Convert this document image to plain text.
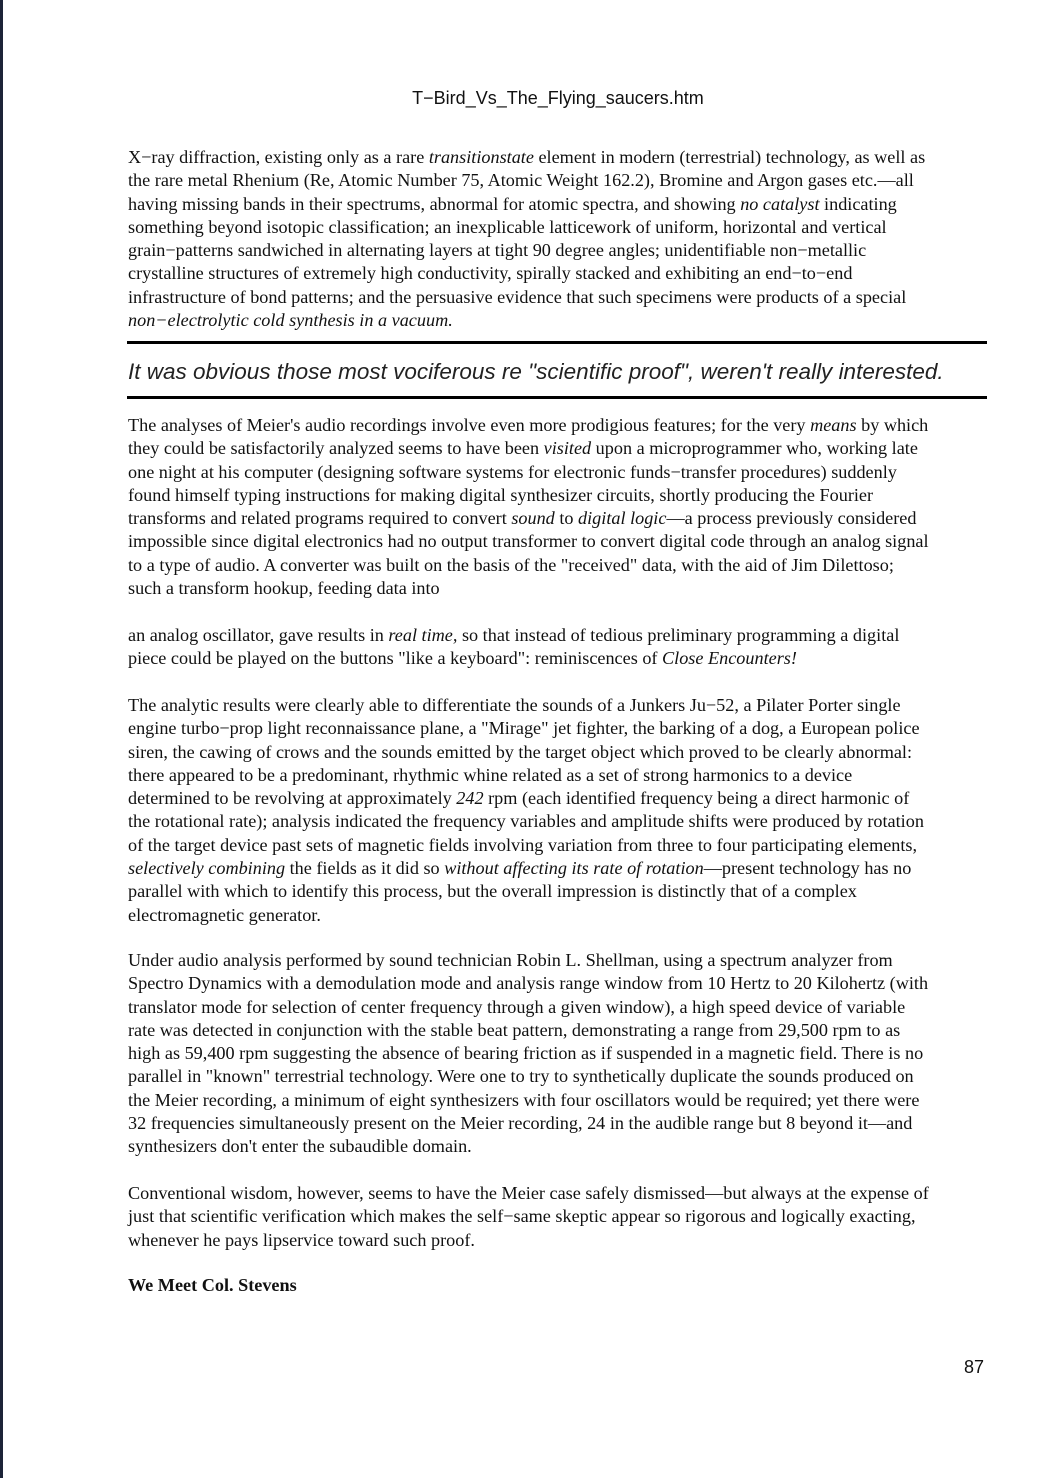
T−Bird_Vs_The_Flying_saucers.htm
X−ray diffraction, existing only as a rare transitionstate element in modern (terrestrial) technology, as well as
the rare metal Rhenium (Re, Atomic Number 75, Atomic Weight 162.2), Bromine and Argon gases etc.—all
having missing bands in their spectrums, abnormal for atomic spectra, and showing no catalyst indicating
something beyond isotopic classification; an inexplicable latticework of uniform, horizontal and vertical
grain−patterns sandwiched in alternating layers at tight 90 degree angles; unidentifiable non−metallic
crystalline structures of extremely high conductivity, spirally stacked and exhibiting an end−to−end
infrastructure of bond patterns; and the persuasive evidence that such specimens were products of a special
non−electrolytic cold synthesis in a vacuum.
It was obvious those most vociferous re "scientific proof", weren't really interested.
The analyses of Meier's audio recordings involve even more prodigious features; for the very means by which
they could be satisfactorily analyzed seems to have been visited upon a microprogrammer who, working late
one night at his computer (designing software systems for electronic funds−transfer procedures) suddenly
found himself typing instructions for making digital synthesizer circuits, shortly producing the Fourier
transforms and related programs required to convert sound to digital logic—a process previously considered
impossible since digital electronics had no output transformer to convert digital code through an analog signal
to a type of audio. A converter was built on the basis of the "received" data, with the aid of Jim Dilettoso;
such a transform hookup, feeding data into
an analog oscillator, gave results in real time, so that instead of tedious preliminary programming a digital
piece could be played on the buttons "like a keyboard": reminiscences of Close Encounters!
The analytic results were clearly able to differentiate the sounds of a Junkers Ju−52, a Pilater Porter single
engine turbo−prop light reconnaissance plane, a "Mirage" jet fighter, the barking of a dog, a European police
siren, the cawing of crows and the sounds emitted by the target object which proved to be clearly abnormal:
there appeared to be a predominant, rhythmic whine related as a set of strong harmonics to a device
determined to be revolving at approximately 242 rpm (each identified frequency being a direct harmonic of
the rotational rate); analysis indicated the frequency variables and amplitude shifts were produced by rotation
of the target device past sets of magnetic fields involving variation from three to four participating elements,
selectively combining the fields as it did so without affecting its rate of rotation—present technology has no
parallel with which to identify this process, but the overall impression is distinctly that of a complex
electromagnetic generator.
Under audio analysis performed by sound technician Robin L. Shellman, using a spectrum analyzer from
Spectro Dynamics with a demodulation mode and analysis range window from 10 Hertz to 20 Kilohertz (with
translator mode for selection of center frequency through a given window), a high speed device of variable
rate was detected in conjunction with the stable beat pattern, demonstrating a range from 29,500 rpm to as
high as 59,400 rpm suggesting the absence of bearing friction as if suspended in a magnetic field. There is no
parallel in "known" terrestrial technology. Were one to try to synthetically duplicate the sounds produced on
the Meier recording, a minimum of eight synthesizers with four oscillators would be required; yet there were
32 frequencies simultaneously present on the Meier recording, 24 in the audible range but 8 beyond it—and
synthesizers don't enter the subaudible domain.
Conventional wisdom, however, seems to have the Meier case safely dismissed—but always at the expense of
just that scientific verification which makes the self−same skeptic appear so rigorous and logically exacting,
whenever he pays lipservice toward such proof.
We Meet Col. Stevens
87
